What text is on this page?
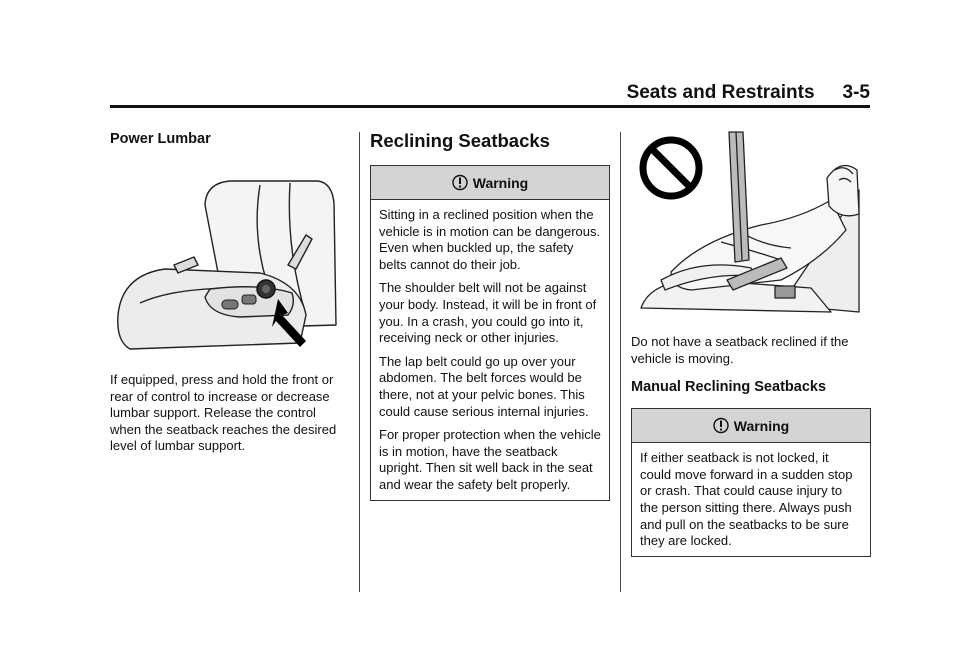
Seats and Restraints 3-5
Power Lumbar

If equipped, press and hold the front or rear of control to increase or decrease lumbar support. Release the control when the seatback reaches the desired level of lumbar support.

Reclining Seatbacks
Warning

Sitting in a reclined position when the vehicle is in motion can be dangerous. Even when buckled up, the safety belts cannot do their job.

The shoulder belt will not be against your body. Instead, it will be in front of you. In a crash, you could go into it, receiving neck or other injuries.

The lap belt could go up over your abdomen. The belt forces would be there, not at your pelvic bones. This could cause serious internal injuries.

For proper protection when the vehicle is in motion, have the seatback upright. Then sit well back in the seat and wear the safety belt properly.

Do not have a seatback reclined if the vehicle is moving.

Manual Reclining Seatbacks
Warning

If either seatback is not locked, it could move forward in a sudden stop or crash. That could cause injury to the person sitting there. Always push and pull on the seatbacks to be sure they are locked.
